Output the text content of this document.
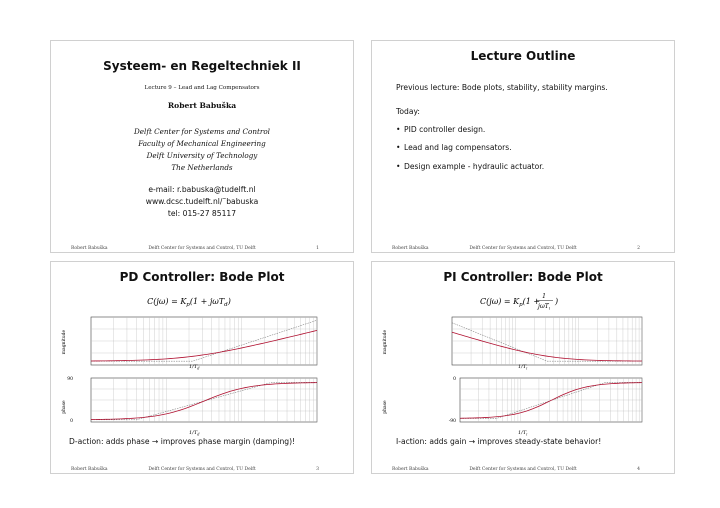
Systeem- en Regeltechniek II
Lecture 9 – Lead and Lag Compensators
Robert Babuška
Delft Center for Systems and Control
Faculty of Mechanical Engineering
Delft University of Technology
The Netherlands
e-mail: r.babuska@tudelft.nl
www.dcsc.tudelft.nl/˜babuska
tel: 015-27 85117
Robert Babuška	Delft Center for Systems and Control, TU Delft	1
Lecture Outline
Previous lecture: Bode plots, stability, stability margins.
Today:
• PID controller design.
• Lead and lag compensators.
• Design example - hydraulic actuator.
Robert Babuška	Delft Center for Systems and Control, TU Delft	2
PD Controller: Bode Plot
$C(j\omega) = K_p(1 + j\omega T_d)$
magnitude
phase
$1/T_d$
$1/T_d$
90
0
D-action: adds phase → improves phase margin (damping)!
Robert Babuška	Delft Center for Systems and Control, TU Delft	3
PI Controller: Bode Plot
$C(j\omega) = K_p(1$ +
1
jωT$_i$
)
magnitude
phase
$1/T_i$
$1/T_i$
0
-90
I-action: adds gain → improves steady-state behavior!
Robert Babuška	Delft Center for Systems and Control, TU Delft	4
